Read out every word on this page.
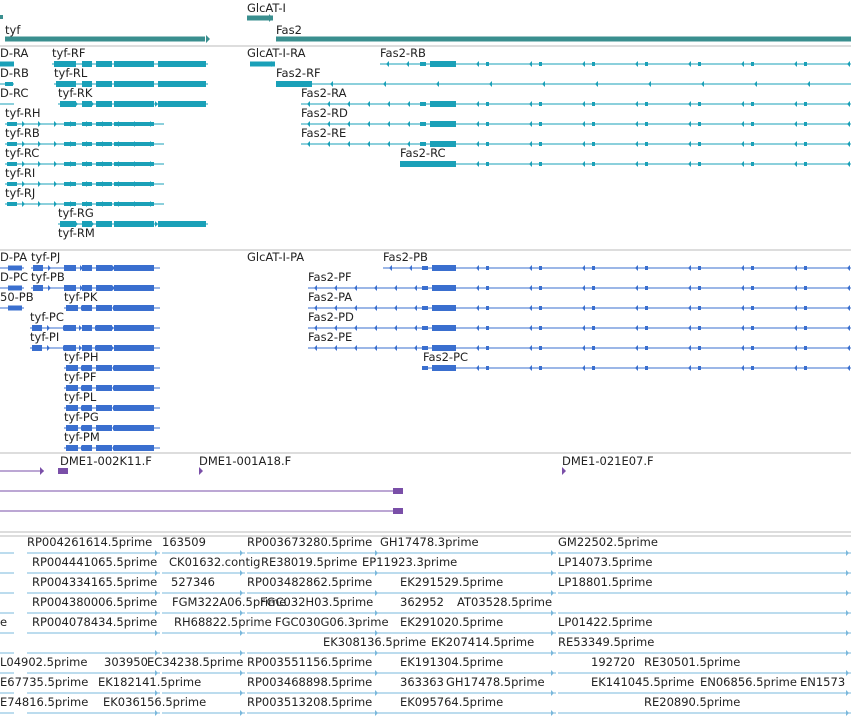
tyf
GlcAT-I
Fas2
D-RA tyf-RF	GlcAT-I-RA	Fas2-RB
D-RB tyf-RL	Fas2-RF
D-RC	tyf-RK	Fas2-RA
tyf-RH	Fas2-RD
tyf-RB	Fas2-RE
tyf-RC	Fas2-RC
tyf-RI
tyf-RJ
tyf-RG
tyf-RM
D-PA tyf-PJ	GlcAT-I-PA	Fas2-PB
D-PC tyf-PB	Fas2-PF
50-PB	tyf-PK	Fas2-PA
tyf-PC	Fas2-PD
tyf-PI	Fas2-PE
tyf-PH	Fas2-PC
tyf-PF
tyf-PL
tyf-PG
tyf-PM
DME1-002K11.F	DME1-001A18.F	DME1-021E07.F
RP004261614.5prime 163509	RP003673280.5prime GH17478.3prime	GM22502.5prime
RP004441065.5prime CK01632.contig RE38019.5prime EP11923.3prime	LP14073.5prime
RP004334165.5prime 527346	RP003482862.5prime EK291529.5prime	LP18801.5prime
RP004380006.5prime FGM322A06.5prime
FGC032H03.5prime 362952 AT03528.5prime
e RP004078434.5prime RH68822.5prime FGC030G06.3prime EK291020.5prime	LP01422.5prime
EK308136.5prime EK207414.5prime RE53349.5prime
L04902.5prime 303950 EC34238.5prime RP003551156.5prime EK191304.5prime	192720 RE30501.5prime
E67735.5prime EK182141.5prime	RP003468898.5prime 363363 GH17478.5prime	EK141045.5prime EN06856.5prime EN1573
E74816.5prime EK036156.5prime	RP003513208.5prime EK095764.5prime	RE20890.5prime
